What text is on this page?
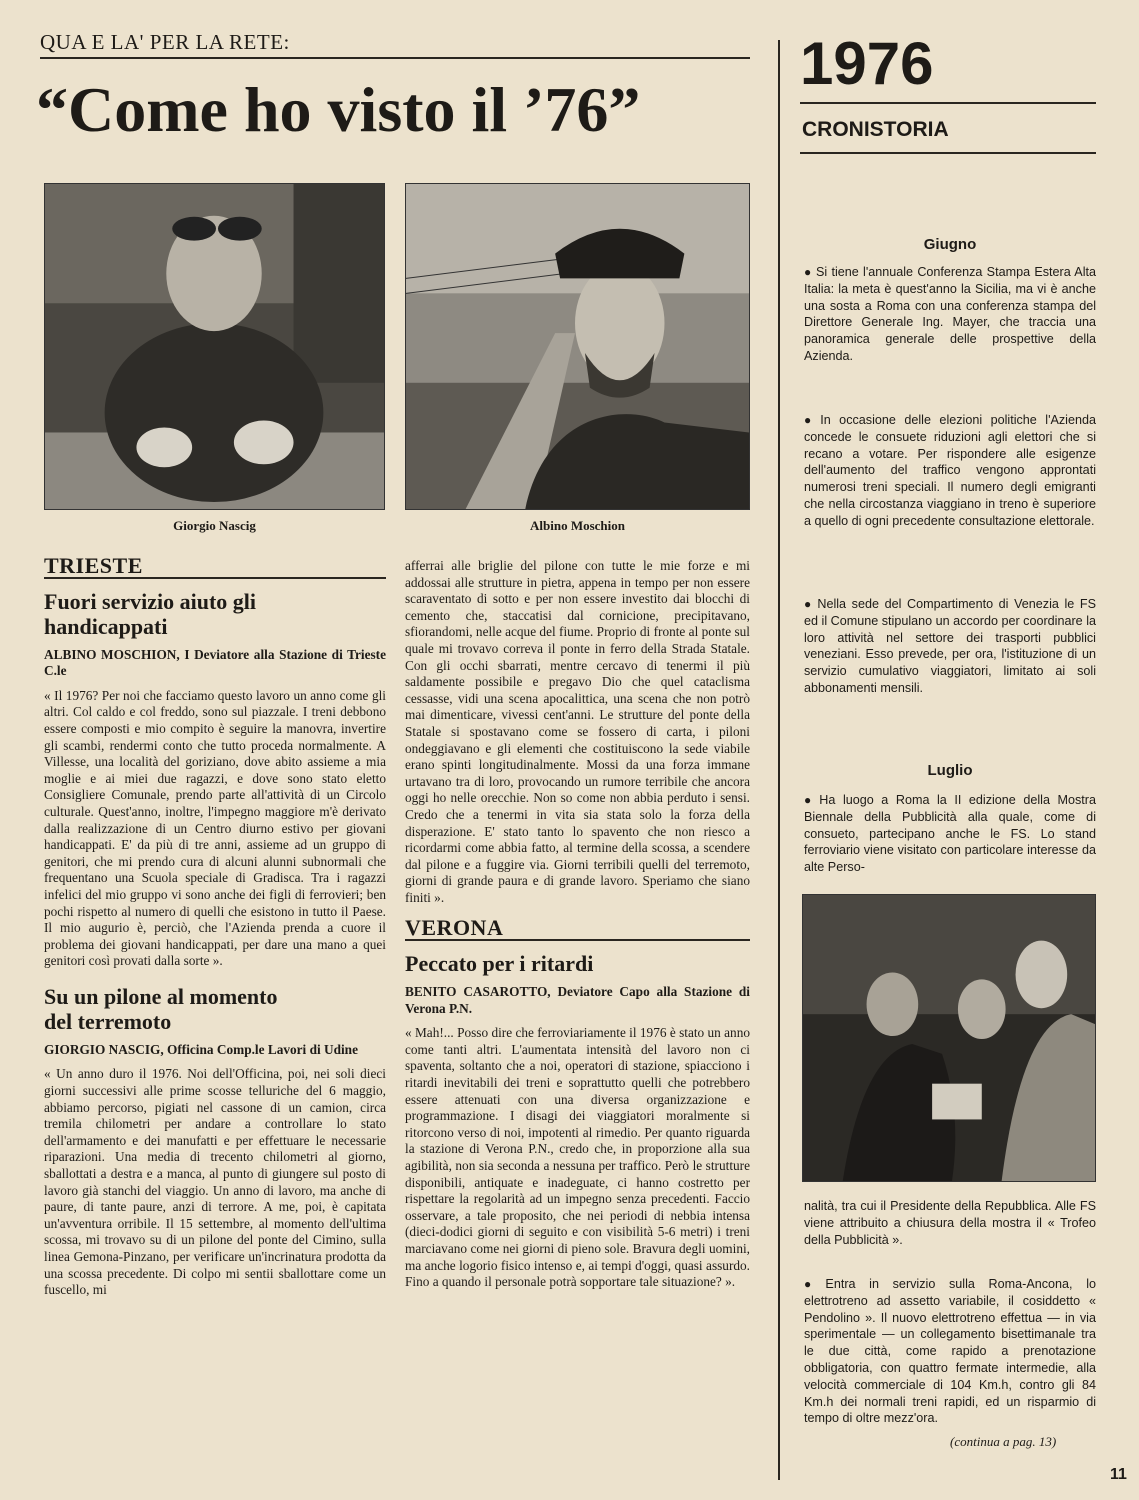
QUA E LA' PER LA RETE:
“Come ho visto il ’76”
Giorgio Nascig	Albino Moschion
TRIESTE
Fuori servizio aiuto gli handicappati

ALBINO MOSCHION, I Deviatore alla Stazione di Trieste C.le

« Il 1976? Per noi che facciamo questo lavoro un anno come gli altri. Col caldo e col freddo, sono sul piazzale. I treni debbono essere composti e mio compito è seguire la manovra, invertire gli scambi, rendermi conto che tutto proceda normalmente. A Villesse, una località del goriziano, dove abito assieme a mia moglie e ai miei due ragazzi, e dove sono stato eletto Consigliere Comunale, prendo parte all'attività di un Circolo culturale. Quest'anno, inoltre, l'impegno maggiore m'è derivato dalla realizzazione di un Centro diurno estivo per giovani handicappati. E' da più di tre anni, assieme ad un gruppo di genitori, che mi prendo cura di alcuni alunni subnormali che frequentano una Scuola speciale di Gradisca. Tra i ragazzi infelici del mio gruppo vi sono anche dei figli di ferrovieri; ben pochi rispetto al numero di quelli che esistono in tutto il Paese. Il mio augurio è, perciò, che l'Azienda prenda a cuore il problema dei giovani handicappati, per dare una mano a quei genitori così provati dalla sorte ».

Su un pilone al momento del terremoto

GIORGIO NASCIG, Officina Comp.le Lavori di Udine

« Un anno duro il 1976. Noi dell'Officina, poi, nei soli dieci giorni successivi alle prime scosse telluriche del 6 maggio, abbiamo percorso, pigiati nel cassone di un camion, circa tremila chilometri per andare a controllare lo stato dell'armamento e dei manufatti e per effettuare le necessarie riparazioni. Una media di trecento chilometri al giorno, sballottati a destra e a manca, al punto di giungere sul posto di lavoro già stanchi del viaggio. Un anno di lavoro, ma anche di paure, di tante paure, anzi di terrore. A me, poi, è capitata un'avventura orribile. Il 15 settembre, al momento dell'ultima scossa, mi trovavo su di un pilone del ponte del Cimino, sulla linea Gemona-Pinzano, per verificare un'incrinatura prodotta da una scossa precedente. Di colpo mi sentii sballottare come un fuscello, mi

afferrai alle briglie del pilone con tutte le mie forze e mi addossai alle strutture in pietra, appena in tempo per non essere scaraventato di sotto e per non essere investito dai blocchi di cemento che, staccatisi dal cornicione, precipitavano, sfiorandomi, nelle acque del fiume. Proprio di fronte al ponte sul quale mi trovavo correva il ponte in ferro della Strada Statale. Con gli occhi sbarrati, mentre cercavo di tenermi il più saldamente possibile e pregavo Dio che quel cataclisma cessasse, vidi una scena apocalittica, una scena che non potrò mai dimenticare, vivessi cent'anni. Le strutture del ponte della Statale si spostavano come se fossero di carta, i piloni ondeggiavano e gli elementi che costituiscono la sede viabile erano spinti longitudinalmente. Mossi da una forza immane urtavano tra di loro, provocando un rumore terribile che ancora oggi ho nelle orecchie. Non so come non abbia perduto i sensi. Credo che a tenermi in vita sia stata solo la forza della disperazione. E' stato tanto lo spavento che non riesco a ricordarmi come abbia fatto, al termine della scossa, a scendere dal pilone e a fuggire via. Giorni terribili quelli del terremoto, giorni di grande paura e di grande lavoro. Speriamo che siano finiti ».

VERONA
Peccato per i ritardi

BENITO CASAROTTO, Deviatore Capo alla Stazione di Verona P.N.

« Mah!... Posso dire che ferroviariamente il 1976 è stato un anno come tanti altri. L'aumentata intensità del lavoro non ci spaventa, soltanto che a noi, operatori di stazione, spiacciono i ritardi inevitabili dei treni e soprattutto quelli che potrebbero essere attenuati con una diversa organizzazione e programmazione. I disagi dei viaggiatori moralmente si ritorcono verso di noi, impotenti al rimedio. Per quanto riguarda la stazione di Verona P.N., credo che, in proporzione alla sua agibilità, non sia seconda a nessuna per traffico. Però le strutture disponibili, antiquate e inadeguate, ci hanno costretto per rispettare la regolarità ad un impegno senza precedenti. Faccio osservare, a tale proposito, che nei periodi di nebbia intensa (dieci-dodici giorni di seguito e con visibilità 5-6 metri) i treni marciavano come nei giorni di pieno sole. Bravura degli uomini, ma anche logorio fisico intenso e, ai tempi d'oggi, quasi assurdo. Fino a quando il personale potrà sopportare tale situazione? ».

1976
CRONISTORIA
Giugno

● Si tiene l'annuale Conferenza Stampa Estera Alta Italia: la meta è quest'anno la Sicilia, ma vi è anche una sosta a Roma con una conferenza stampa del Direttore Generale Ing. Mayer, che traccia una panoramica generale delle prospettive della Azienda.

● In occasione delle elezioni politiche l'Azienda concede le consuete riduzioni agli elettori che si recano a votare. Per rispondere alle esigenze dell'aumento del traffico vengono approntati numerosi treni speciali. Il numero degli emigranti che nella circostanza viaggiano in treno è superiore a quello di ogni precedente consultazione elettorale.

● Nella sede del Compartimento di Venezia le FS ed il Comune stipulano un accordo per coordinare la loro attività nel settore dei trasporti pubblici veneziani. Esso prevede, per ora, l'istituzione di un servizio cumulativo viaggiatori, limitato ai soli abbonamenti mensili.

Luglio

● Ha luogo a Roma la II edizione della Mostra Biennale della Pubblicità alla quale, come di consueto, partecipano anche le FS. Lo stand ferroviario viene visitato con particolare interesse da alte Perso-

nalità, tra cui il Presidente della Repubblica. Alle FS viene attribuito a chiusura della mostra il « Trofeo della Pubblicità ».

● Entra in servizio sulla Roma-Ancona, lo elettrotreno ad assetto variabile, il cosiddetto « Pendolino ». Il nuovo elettrotreno effettua — in via sperimentale — un collegamento bisettimanale tra le due città, come rapido a prenotazione obbligatoria, con quattro fermate intermedie, alla velocità commerciale di 104 Km.h, contro gli 84 Km.h dei normali treni rapidi, ed un risparmio di tempo di oltre mezz'ora.

(continua a pag. 13)
11
